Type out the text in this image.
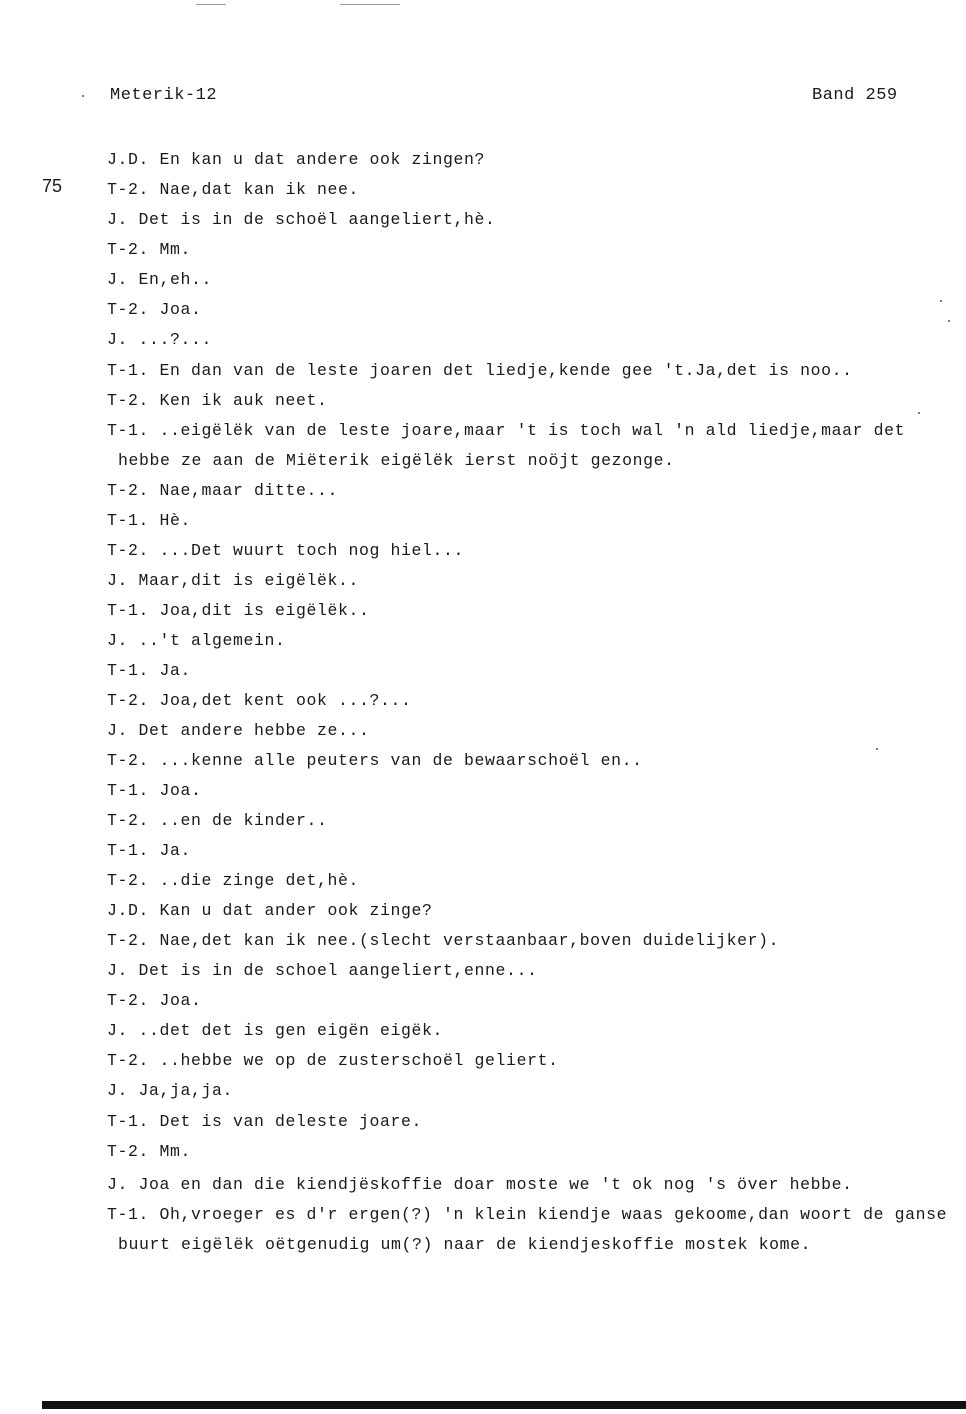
Meterik-12	Band 259
75
J.D. En kan u dat andere ook zingen?
T-2. Nae,dat kan ik nee.
J. Det is in de schoël aangeliert,hè.
T-2. Mm.
J. En,eh..
T-2. Joa.
J. ...?...
T-1. En dan van de leste joaren det liedje,kende gee 't.Ja,det is noo..
T-2. Ken ik auk neet.
T-1. ..eigëlëk van de leste joare,maar 't is toch wal 'n ald liedje,maar det
hebbe ze aan de Miëterik eigëlëk ierst noöjt gezonge.
T-2. Nae,maar ditte...
T-1. Hè.
T-2. ...Det wuurt toch nog hiel...
J. Maar,dit is eigëlëk..
T-1. Joa,dit is eigëlëk..
J. ..'t algemein.
T-1. Ja.
T-2. Joa,det kent ook ...?...
J. Det andere hebbe ze...
T-2. ...kenne alle peuters van de bewaarschoël en..
T-1. Joa.
T-2. ..en de kinder..
T-1. Ja.
T-2. ..die zinge det,hè.
J.D. Kan u dat ander ook zinge?
T-2. Nae,det kan ik nee.(slecht verstaanbaar,boven duidelijker).
J. Det is in de schoel aangeliert,enne...
T-2. Joa.
J. ..det det is gen eigën eigëk.
T-2. ..hebbe we op de zusterschoël geliert.
J. Ja,ja,ja.
T-1. Det is van deleste joare.
T-2. Mm.
J. Joa en dan die kiendjëskoffie doar moste we 't ok nog 's över hebbe.
T-1. Oh,vroeger es d'r ergen(?) 'n klein kiendje waas gekoome,dan woort de ganse
buurt eigëlëk oëtgenudig um(?) naar de kiendjeskoffie mostek kome.
